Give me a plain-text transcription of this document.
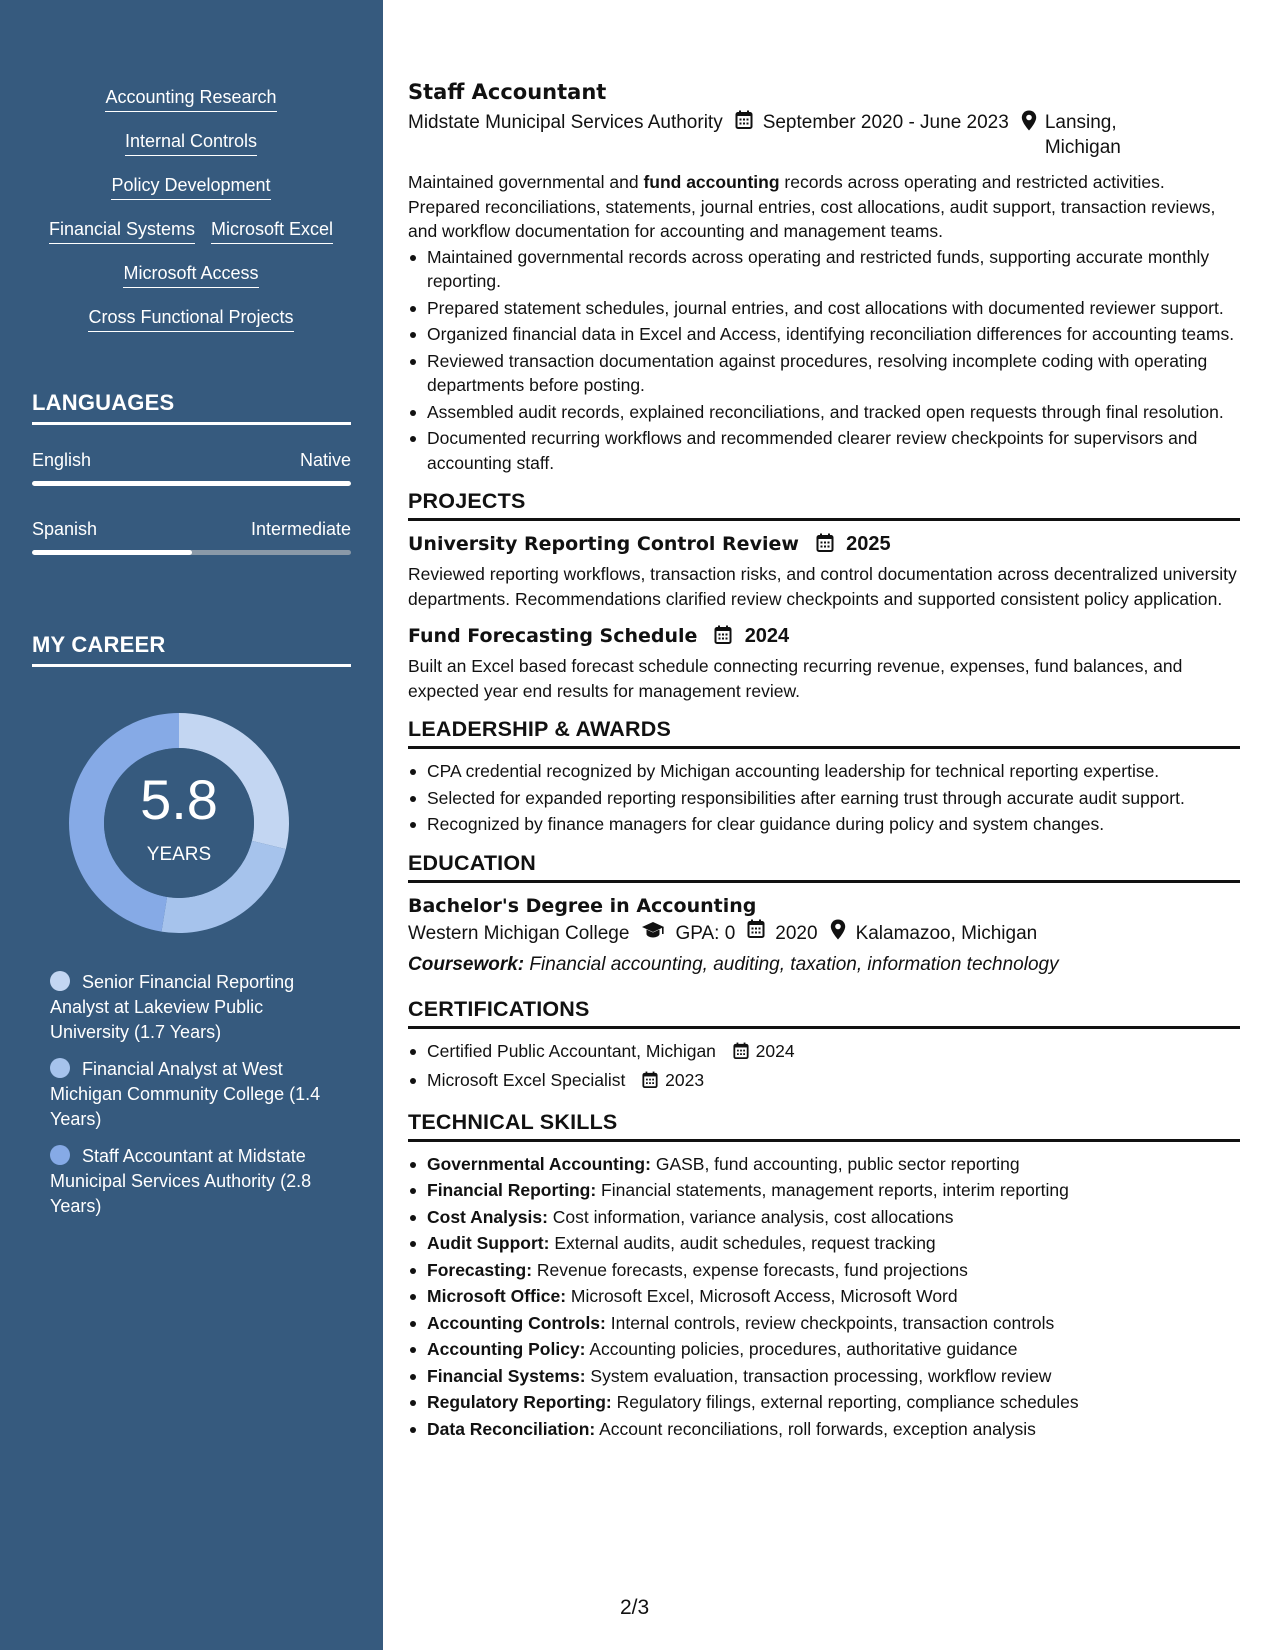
Accounting Research
Internal Controls
Policy Development
Financial Systems Microsoft Excel
Microsoft Access
Cross Functional Projects
LANGUAGES
English	Native
Spanish	Intermediate
MY CAREER
5.8
YEARS
Senior Financial Reporting Analyst at Lakeview Public University (1.7 Years)
Financial Analyst at West Michigan Community College (1.4 Years)
Staff Accountant at Midstate Municipal Services Authority (2.8 Years)
Staff Accountant
Midstate Municipal Services Authority September 2020 - June 2023 Lansing, Michigan

Maintained governmental and fund accounting records across operating and restricted activities. Prepared reconciliations, statements, journal entries, cost allocations, audit support, transaction reviews, and workflow documentation for accounting and management teams.

Maintained governmental records across operating and restricted funds, supporting accurate monthly reporting.
Prepared statement schedules, journal entries, and cost allocations with documented reviewer support.
Organized financial data in Excel and Access, identifying reconciliation differences for accounting teams.
Reviewed transaction documentation against procedures, resolving incomplete coding with operating departments before posting.
Assembled audit records, explained reconciliations, and tracked open requests through final resolution.
Documented recurring workflows and recommended clearer review checkpoints for supervisors and accounting staff.
PROJECTS
University Reporting Control Review 2025

Reviewed reporting workflows, transaction risks, and control documentation across decentralized university departments. Recommendations clarified review checkpoints and supported consistent policy application.

Fund Forecasting Schedule 2024

Built an Excel based forecast schedule connecting recurring revenue, expenses, fund balances, and expected year end results for management review.

LEADERSHIP & AWARDS
CPA credential recognized by Michigan accounting leadership for technical reporting expertise.
Selected for expanded reporting responsibilities after earning trust through accurate audit support.
Recognized by finance managers for clear guidance during policy and system changes.
EDUCATION
Bachelor's Degree in Accounting
Western Michigan College GPA: 0 2020 Kalamazoo, Michigan
Coursework: Financial accounting, auditing, taxation, information technology
CERTIFICATIONS
Certified Public Accountant, Michigan 2024
Microsoft Excel Specialist 2023
TECHNICAL SKILLS
Governmental Accounting: GASB, fund accounting, public sector reporting
Financial Reporting: Financial statements, management reports, interim reporting
Cost Analysis: Cost information, variance analysis, cost allocations
Audit Support: External audits, audit schedules, request tracking
Forecasting: Revenue forecasts, expense forecasts, fund projections
Microsoft Office: Microsoft Excel, Microsoft Access, Microsoft Word
Accounting Controls: Internal controls, review checkpoints, transaction controls
Accounting Policy: Accounting policies, procedures, authoritative guidance
Financial Systems: System evaluation, transaction processing, workflow review
Regulatory Reporting: Regulatory filings, external reporting, compliance schedules
Data Reconciliation: Account reconciliations, roll forwards, exception analysis
2/3
